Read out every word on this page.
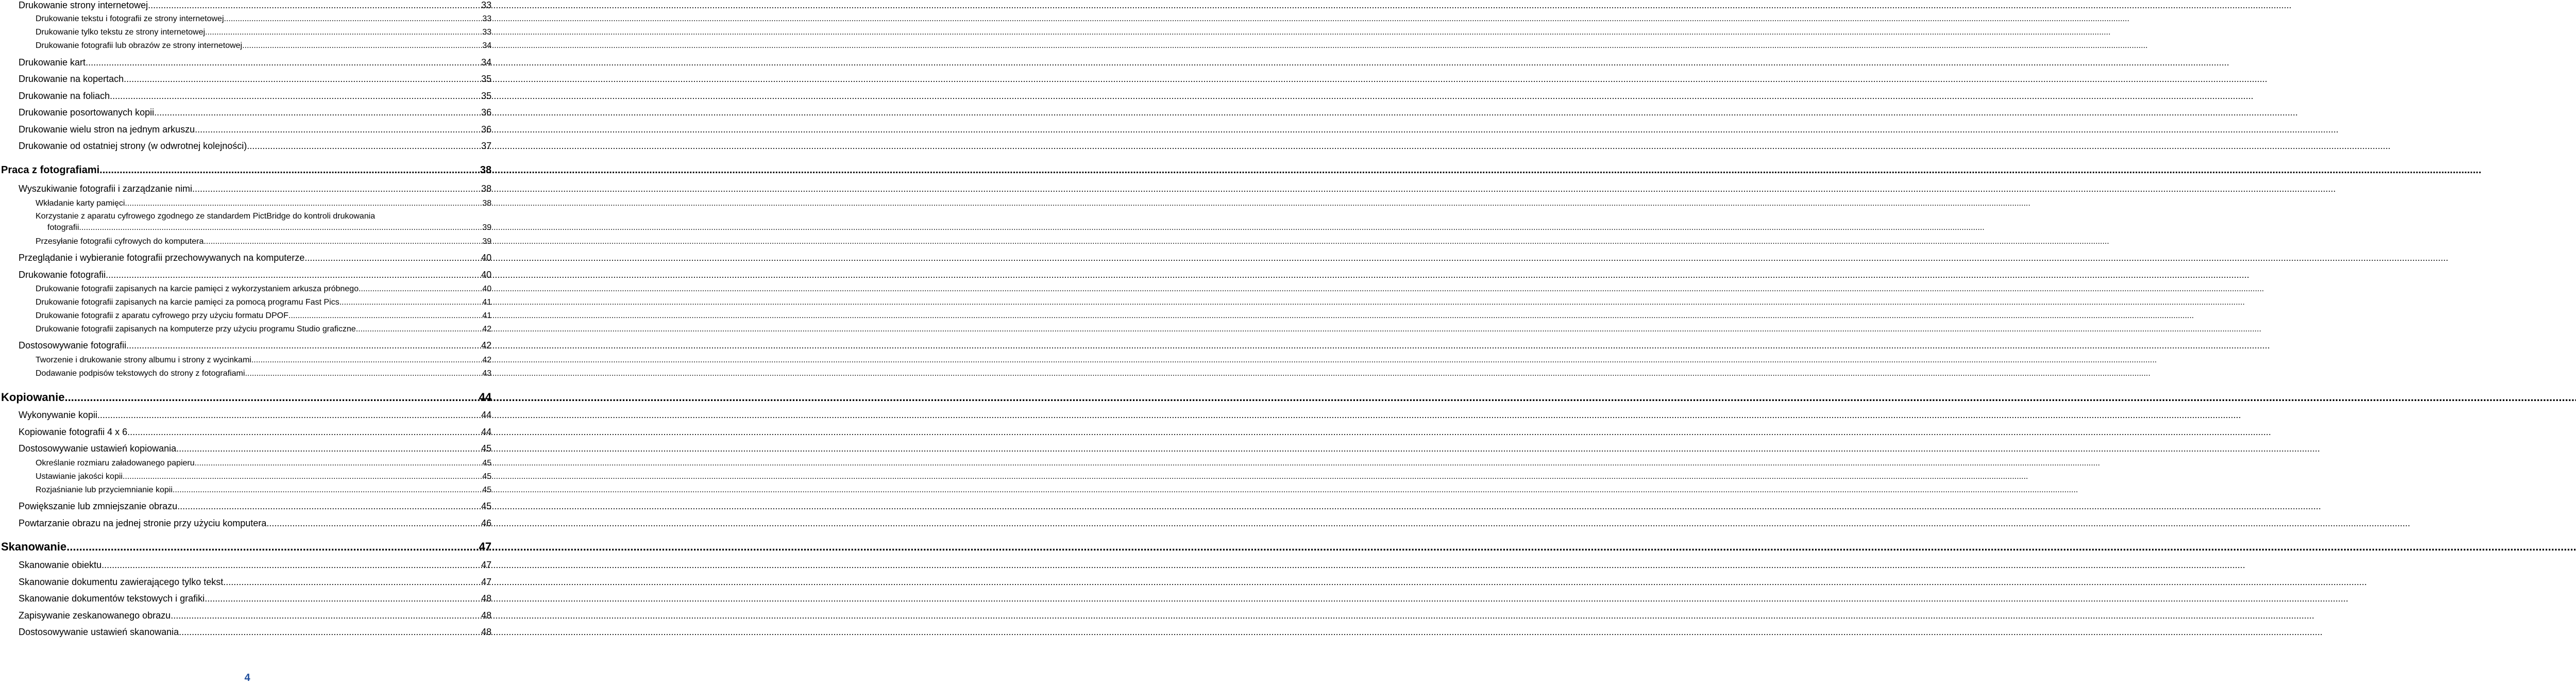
Drukowanie strony internetowej .....	33
Drukowanie tekstu i fotografii ze strony internetowej .....	33
Drukowanie tylko tekstu ze strony internetowej .....	33
Drukowanie fotografii lub obrazów ze strony internetowej .....	34
Drukowanie kart .....	34
Drukowanie na kopertach .....	35
Drukowanie na foliach .....	35
Drukowanie posortowanych kopii .....	36
Drukowanie wielu stron na jednym arkuszu .....	36
Drukowanie od ostatniej strony (w odwrotnej kolejności) .....	37
Praca z fotografiami .....	38
Wyszukiwanie fotografii i zarządzanie nimi .....	38
Wkładanie karty pamięci .....	38
Korzystanie z aparatu cyfrowego zgodnego ze standardem PictBridge do kontroli drukowania
fotografii .....	39
Przesyłanie fotografii cyfrowych do komputera .....	39
Przeglądanie i wybieranie fotografii przechowywanych na komputerze .....	40
Drukowanie fotografii .....	40
Drukowanie fotografii zapisanych na karcie pamięci z wykorzystaniem arkusza próbnego .....	40
Drukowanie fotografii zapisanych na karcie pamięci za pomocą programu Fast Pics .....	41
Drukowanie fotografii z aparatu cyfrowego przy użyciu formatu DPOF .....	41
Drukowanie fotografii zapisanych na komputerze przy użyciu programu Studio graficzne .....	42
Dostosowywanie fotografii .....	42
Tworzenie i drukowanie strony albumu i strony z wycinkami .....	42
Dodawanie podpisów tekstowych do strony z fotografiami .....	43
Kopiowanie .....	44
Wykonywanie kopii .....	44
Kopiowanie fotografii 4 x 6 .....	44
Dostosowywanie ustawień kopiowania .....	45
Określanie rozmiaru załadowanego papieru .....	45
Ustawianie jakości kopii .....	45
Rozjaśnianie lub przyciemnianie kopii .....	45
Powiększanie lub zmniejszanie obrazu .....	45
Powtarzanie obrazu na jednej stronie przy użyciu komputera .....	46
Skanowanie .....	47
Skanowanie obiektu .....	47
Skanowanie dokumentu zawierającego tylko tekst .....	47
Skanowanie dokumentów tekstowych i grafiki .....	48
Zapisywanie zeskanowanego obrazu .....	48
Dostosowywanie ustawień skanowania .....	48
4
